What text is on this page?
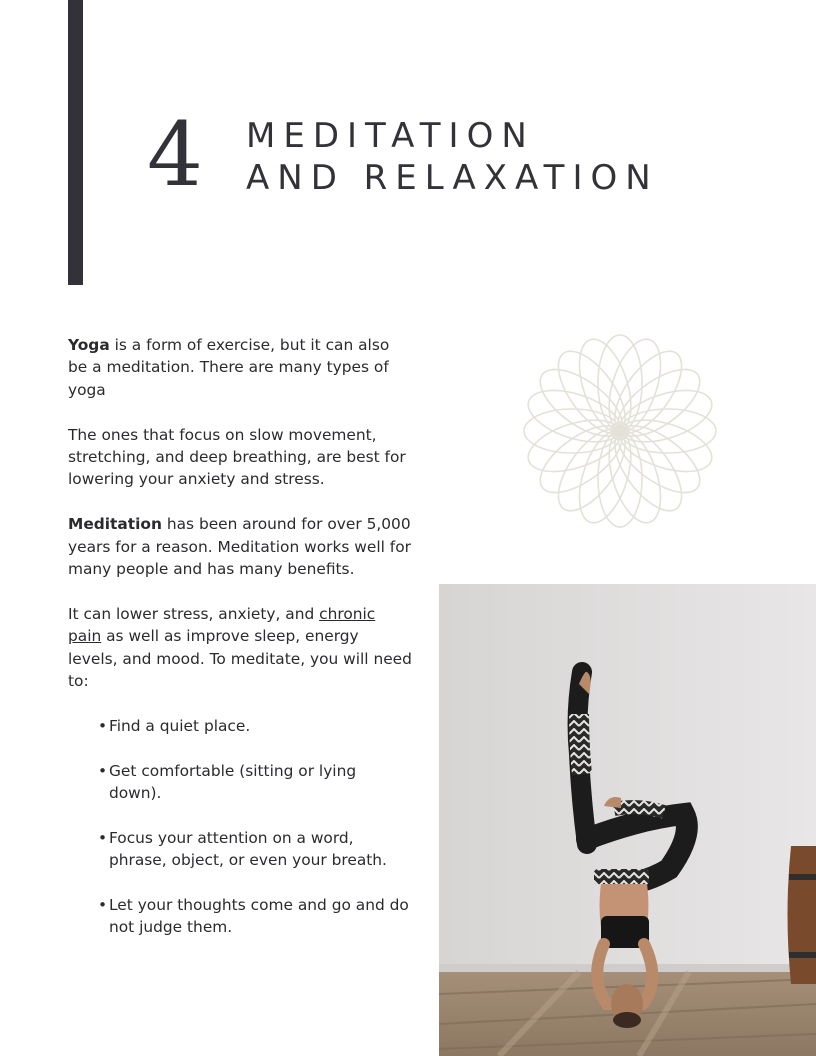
4 MEDITATION
AND RELAXATION

Yoga is a form of exercise, but it can also be a meditation. There are many types of yoga

The ones that focus on slow movement, stretching, and deep breathing, are best for lowering your anxiety and stress.

Meditation has been around for over 5,000 years for a reason. Meditation works well for many people and has many benefits.

It can lower stress, anxiety, and chronic pain as well as improve sleep, energy levels, and mood. To meditate, you will need to:

• Find a quiet place.
• Get comfortable (sitting or lying down).
• Focus your attention on a word, phrase, object, or even your breath.
• Let your thoughts come and go and do not judge them.
